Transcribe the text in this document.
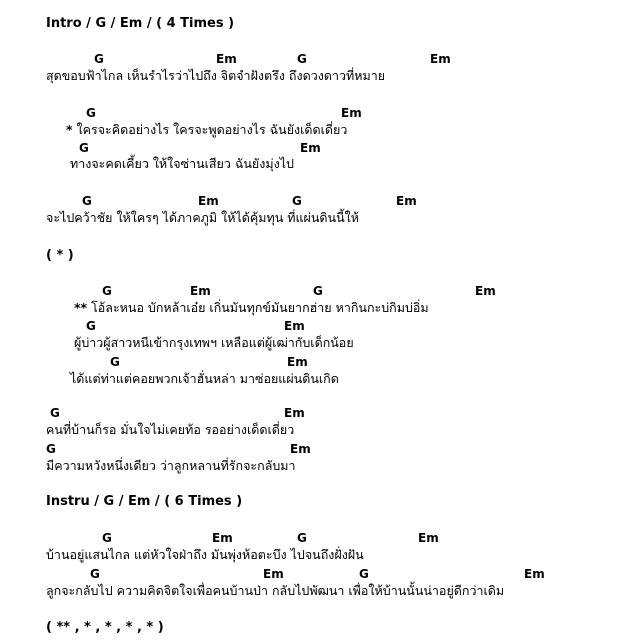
Intro / G / Em / ( 4 Times )
G	Em	G	Em
สุดขอบฟ้าไกล เห็นรำไรว่าไปถึง จิตจำฝังตรึง ถึงดวงดาวที่หมาย
G	Em
* ใครจะคิดอย่างไร ใครจะพูดอย่างไร ฉันยังเด็ดเดี่ยว
G	Em
ทางจะคดเคี้ยว ให้ใจซ่านเสียว ฉันยังมุ่งไป
G	Em	G	Em
จะไปคว้าชัย ให้ใครๆ ได้ภาคภูมิ ให้ได้คุ้มทุน ที่แผ่นดินนี้ให้
( * )
G	Em	G	Em
** โอ้ละหนอ บักหล้าเอ๋ย เกิ่นมันทุกข์มันยากฮ่าย หากินกะบ่กิมบ่อิ่ม
G	Em
ผู้บ่าวผู้สาวหนีเข้ากรุงเทพฯ เหลือแต่ผู้เฒ่ากับเด็กน้อย
G	Em
ได้แต่ท่าแต่คอยพวกเจ้าฮั่นหล่า มาซ่อยแผ่นดินเกิด
G	Em
คนที่บ้านก็รอ มั่นใจไม่เคยท้อ รออย่างเด็ดเดี่ยว
G	Em
มีความหวังหนึ่งเดียว ว่าลูกหลานที่รักจะกลับมา
Instru / G / Em / ( 6 Times )
G	Em	G	Em
บ้านอยู่แสนไกล แต่หัวใจฝ่าถึง มันพุ่งห้อตะบึง ไปจนถึงฝั่งฝัน
G	Em	G	Em
ลูกจะกลับไป ความคิดจิตใจเพื่อคนบ้านป่า กลับไปพัฒนา เพื่อให้บ้านนั้นน่าอยู่ดีกว่าเดิม
( ** , * , * , * , * )
